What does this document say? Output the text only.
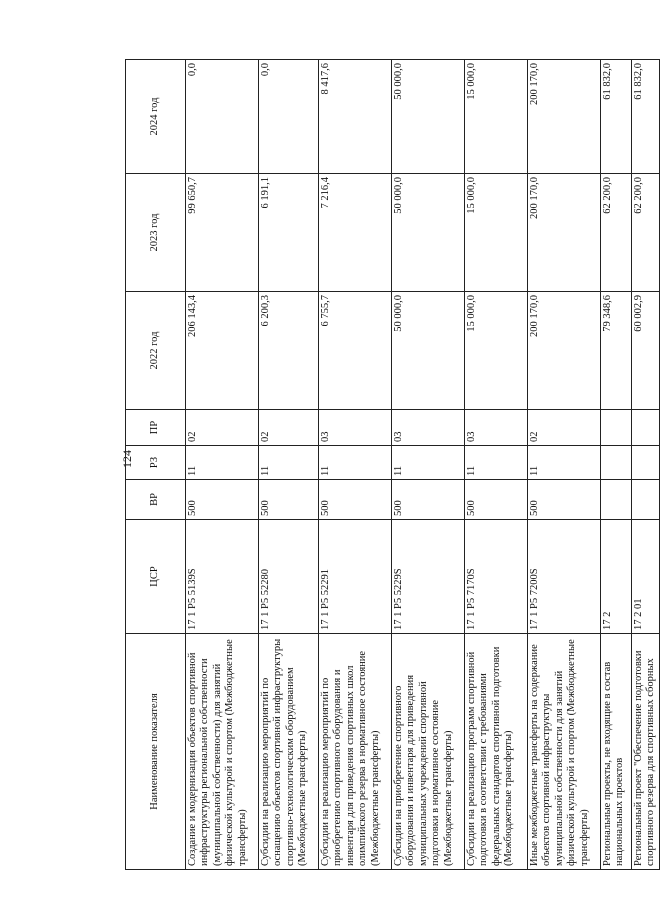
124
Наименование показателя	ЦСР	ВР	РЗ	ПР	2022 год	2023 год	2024 год
Создание и модернизация объектов спортивной инфраструктуры региональной собственности (муниципальной собственности) для занятий физической культурой и спортом (Межбюджетные трансферты)	17 1 P5 5139S	500	11	02	206 143,4	99 650,7	0,0
Субсидии на реализацию мероприятий по оснащению объектов спортивной инфраструктуры спортивно-технологическим оборудованием (Межбюджетные трансферты)	17 1 P5 52280	500	11	02	6 200,3	6 191,1	0,0
Субсидии на реализацию мероприятий по приобретению спортивного оборудования и инвентаря для приведения спортивных школ олимпийского резерва в нормативное состояние (Межбюджетные трансферты)	17 1 P5 52291	500	11	03	6 755,7	7 216,4	8 417,6
Субсидии на приобретение спортивного оборудования и инвентаря для приведения муниципальных учреждений спортивной подготовки в нормативное состояние (Межбюджетные трансферты)	17 1 P5 5229S	500	11	03	50 000,0	50 000,0	50 000,0
Субсидии на реализацию программ спортивной подготовки в соответствии с требованиями федеральных стандартов спортивной подготовки (Межбюджетные трансферты)	17 1 P5 7170S	500	11	03	15 000,0	15 000,0	15 000,0
Иные межбюджетные трансферты на содержание объектов спортивной инфраструктуры муниципальной собственности для занятий физической культурой и спортом (Межбюджетные трансферты)	17 1 P5 7200S	500	11	02	200 170,0	200 170,0	200 170,0
Региональные проекты, не входящие в состав национальных проектов	17 2				79 348,6	62 200,0	61 832,0
Региональный проект "Обеспечение подготовки спортивного резерва для спортивных сборных	17 2 01				60 002,9	62 200,0	61 832,0
